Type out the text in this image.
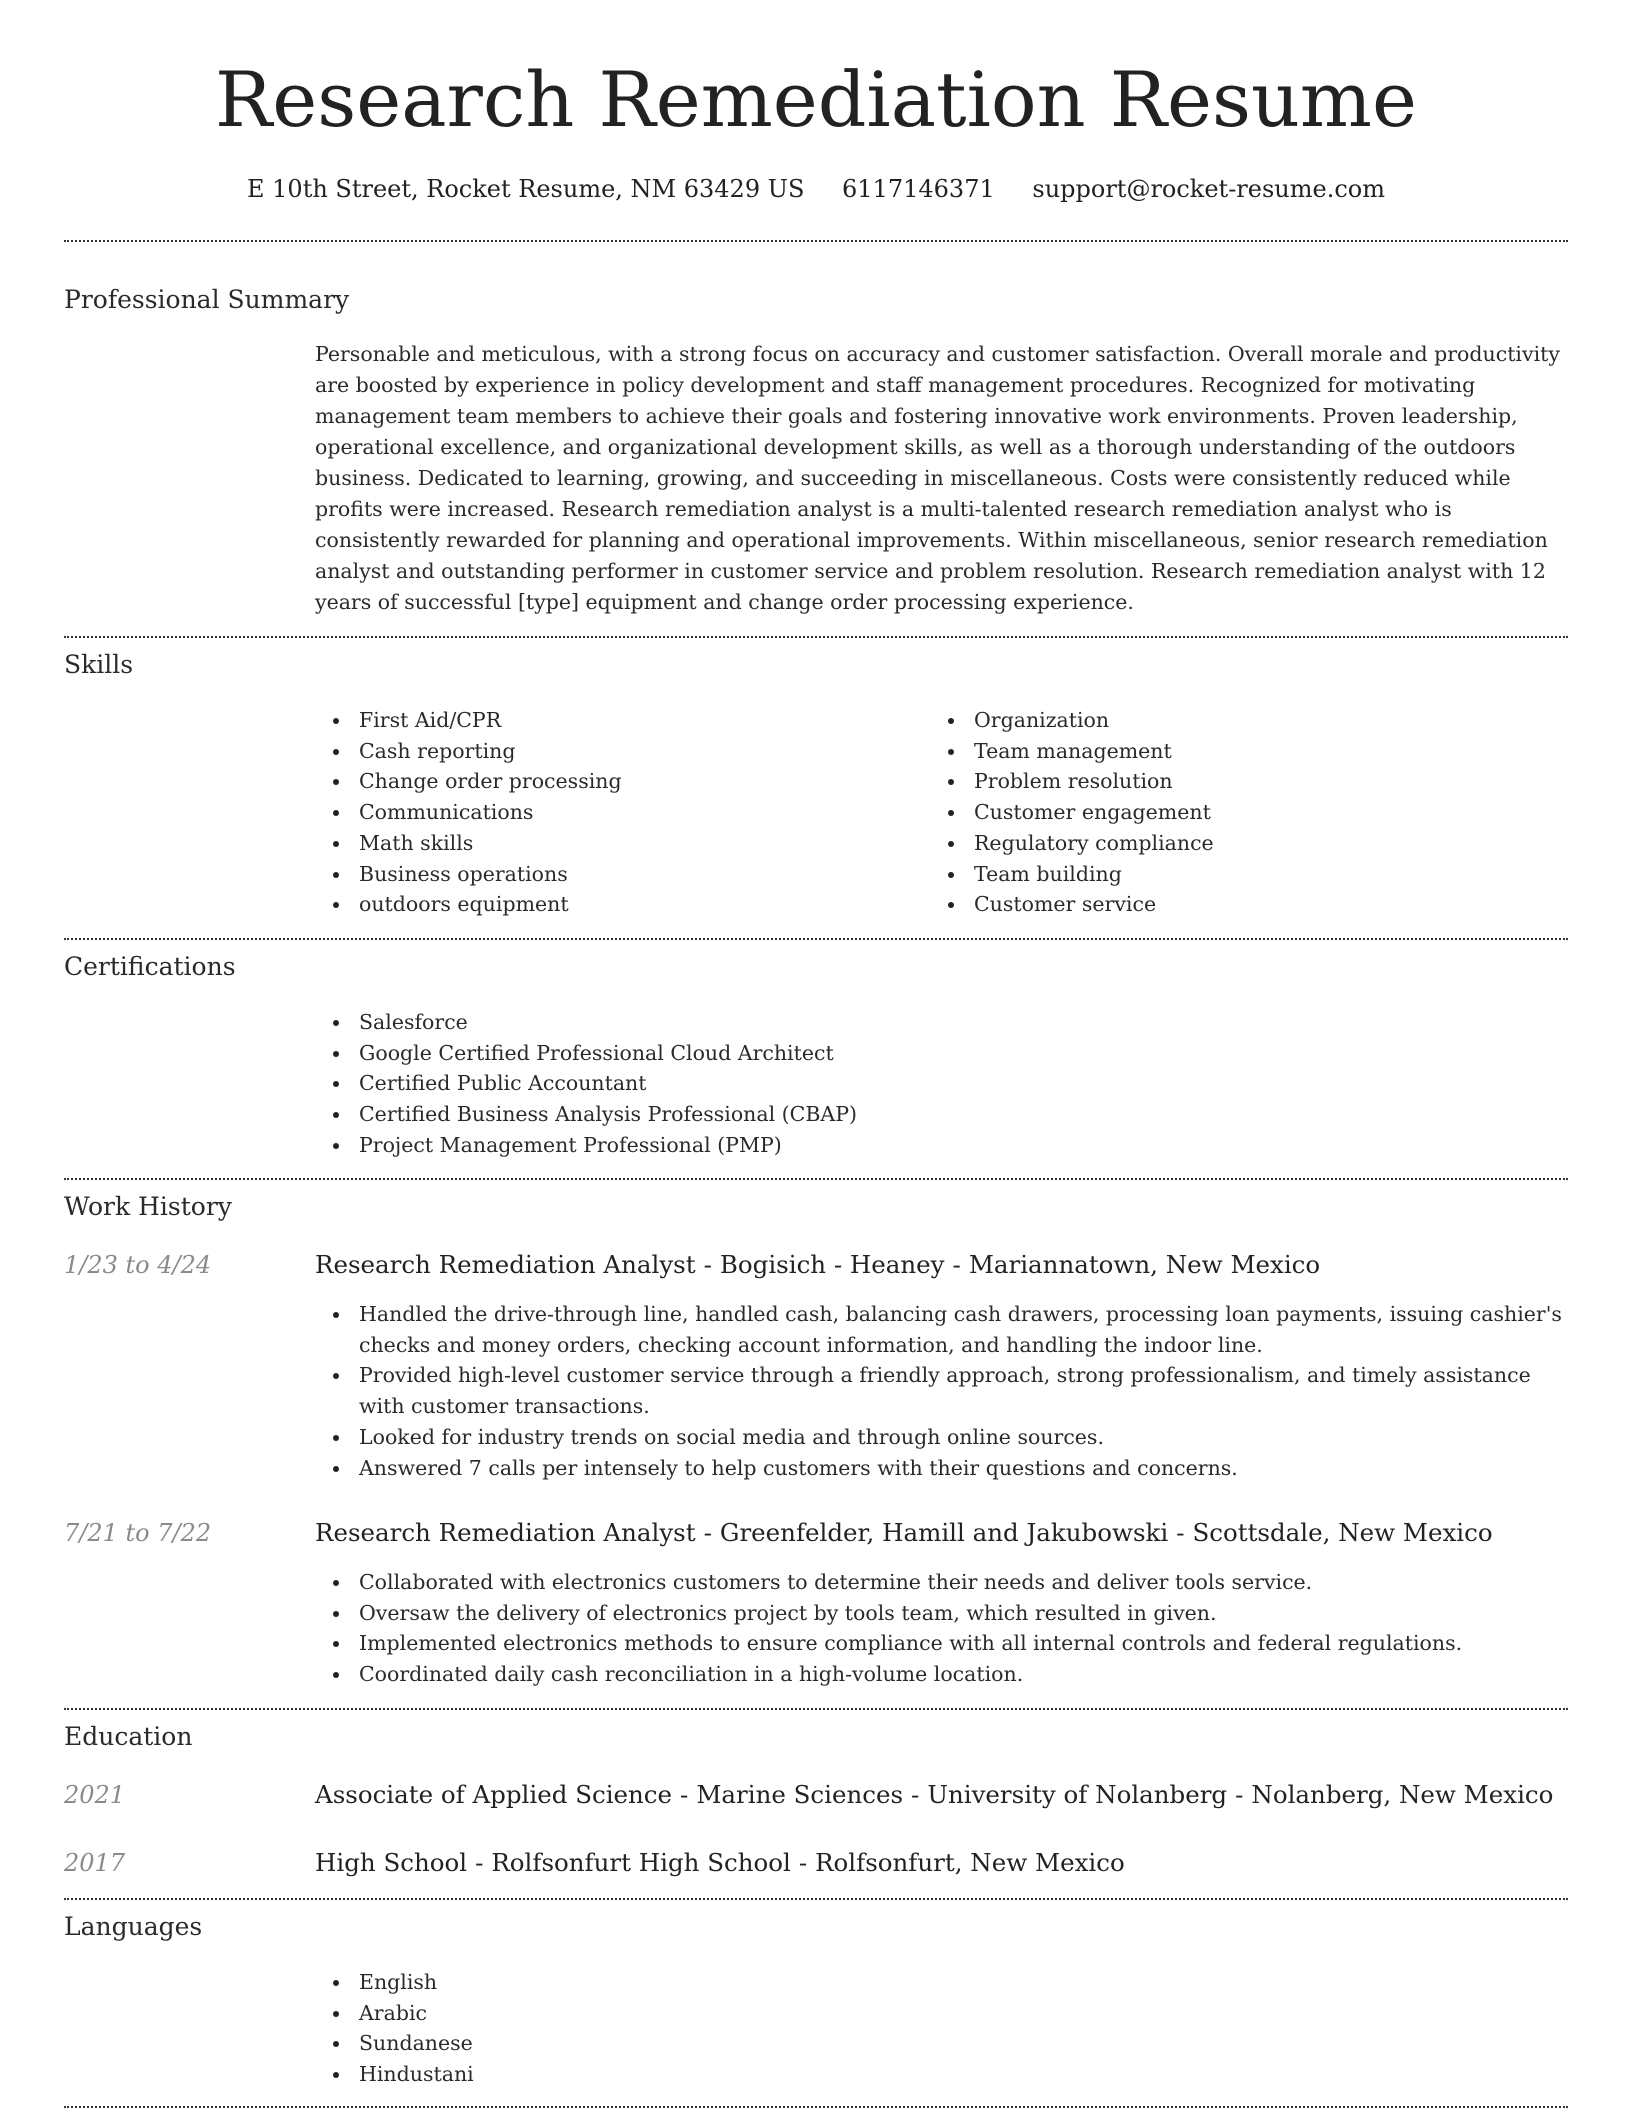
Research Remediation Resume
E 10th Street, Rocket Resume, NM 63429 US 6117146371 support@rocket-resume.com
Professional Summary

Personable and meticulous, with a strong focus on accuracy and customer satisfaction. Overall morale and productivity are boosted by experience in policy development and staff management procedures. Recognized for motivating management team members to achieve their goals and fostering innovative work environments. Proven leadership, operational excellence, and organizational development skills, as well as a thorough understanding of the outdoors business. Dedicated to learning, growing, and succeeding in miscellaneous. Costs were consistently reduced while profits were increased. Research remediation analyst is a multi-talented research remediation analyst who is consistently rewarded for planning and operational improvements. Within miscellaneous, senior research remediation analyst and outstanding performer in customer service and problem resolution. Research remediation analyst with 12 years of successful [type] equipment and change order processing experience.

Skills
First Aid/CPR
Cash reporting
Change order processing
Communications
Math skills
Business operations
outdoors equipment
Organization
Team management
Problem resolution
Customer engagement
Regulatory compliance
Team building
Customer service
Certifications
Salesforce
Google Certified Professional Cloud Architect
Certified Public Accountant
Certified Business Analysis Professional (CBAP)
Project Management Professional (PMP)
Work History
1/23 to 4/24	Research Remediation Analyst - Bogisich - Heaney - Mariannatown, New Mexico
Handled the drive-through line, handled cash, balancing cash drawers, processing loan payments, issuing cashier's checks and money orders, checking account information, and handling the indoor line.
Provided high-level customer service through a friendly approach, strong professionalism, and timely assistance with customer transactions.
Looked for industry trends on social media and through online sources.
Answered 7 calls per intensely to help customers with their questions and concerns.
7/21 to 7/22	Research Remediation Analyst - Greenfelder, Hamill and Jakubowski - Scottsdale, New Mexico
Collaborated with electronics customers to determine their needs and deliver tools service.
Oversaw the delivery of electronics project by tools team, which resulted in given.
Implemented electronics methods to ensure compliance with all internal controls and federal regulations.
Coordinated daily cash reconciliation in a high-volume location.
Education
2021	Associate of Applied Science - Marine Sciences - University of Nolanberg - Nolanberg, New Mexico
2017	High School - Rolfsonfurt High School - Rolfsonfurt, New Mexico
Languages
English
Arabic
Sundanese
Hindustani
